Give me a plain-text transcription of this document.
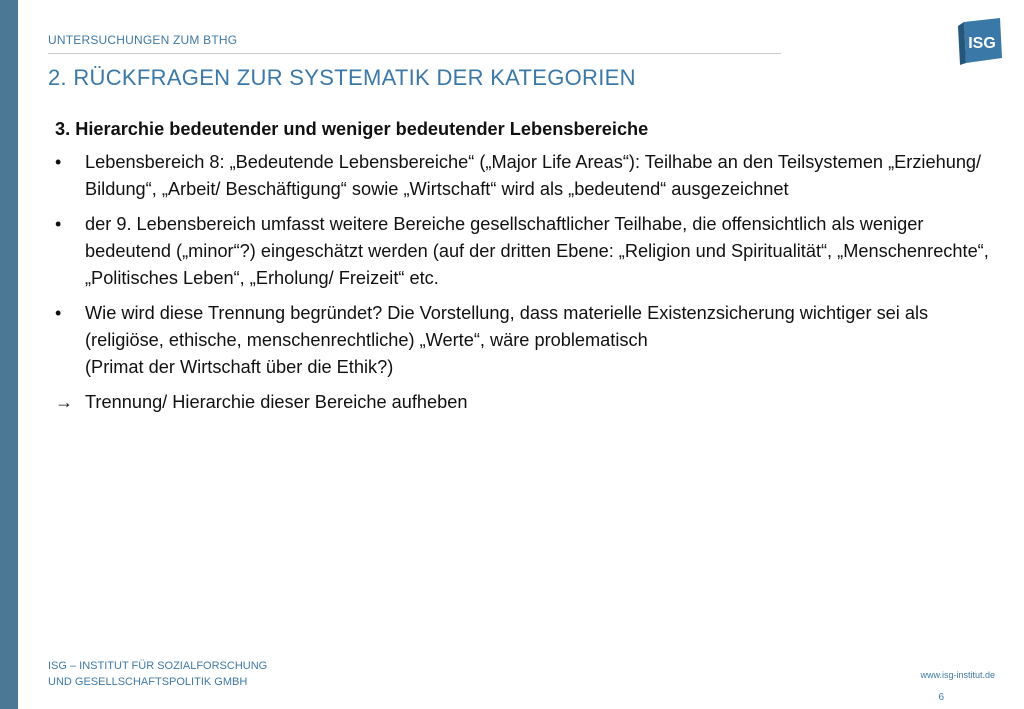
UNTERSUCHUNGEN ZUM BTHG
2. RÜCKFRAGEN ZUR SYSTEMATIK DER KATEGORIEN
ISG
3. Hierarchie bedeutender und weniger bedeutender Lebensbereiche
•	Lebensbereich 8: „Bedeutende Lebensbereiche“ („Major Life Areas“): Teilhabe an den Teilsystemen „Erziehung/ Bildung“, „Arbeit/ Beschäftigung“ sowie „Wirtschaft“ wird als „bedeutend“ ausgezeichnet
•	der 9. Lebensbereich umfasst weitere Bereiche gesellschaftlicher Teilhabe, die offensichtlich als weniger bedeutend („minor“?) eingeschätzt werden (auf der dritten Ebene: „Religion und Spiritualität“, „Menschenrechte“, „Politisches Leben“, „Erholung/ Freizeit“ etc.
•	Wie wird diese Trennung begründet? Die Vorstellung, dass materielle Existenzsicherung wichtiger sei als (religiöse, ethische, menschenrechtliche) „Werte“, wäre problematisch
(Primat der Wirtschaft über die Ethik?)
→ Trennung/ Hierarchie dieser Bereiche aufheben
ISG – INSTITUT FÜR SOZIALFORSCHUNG
UND GESELLSCHAFTSPOLITIK GMBH
www.isg-institut.de
6
